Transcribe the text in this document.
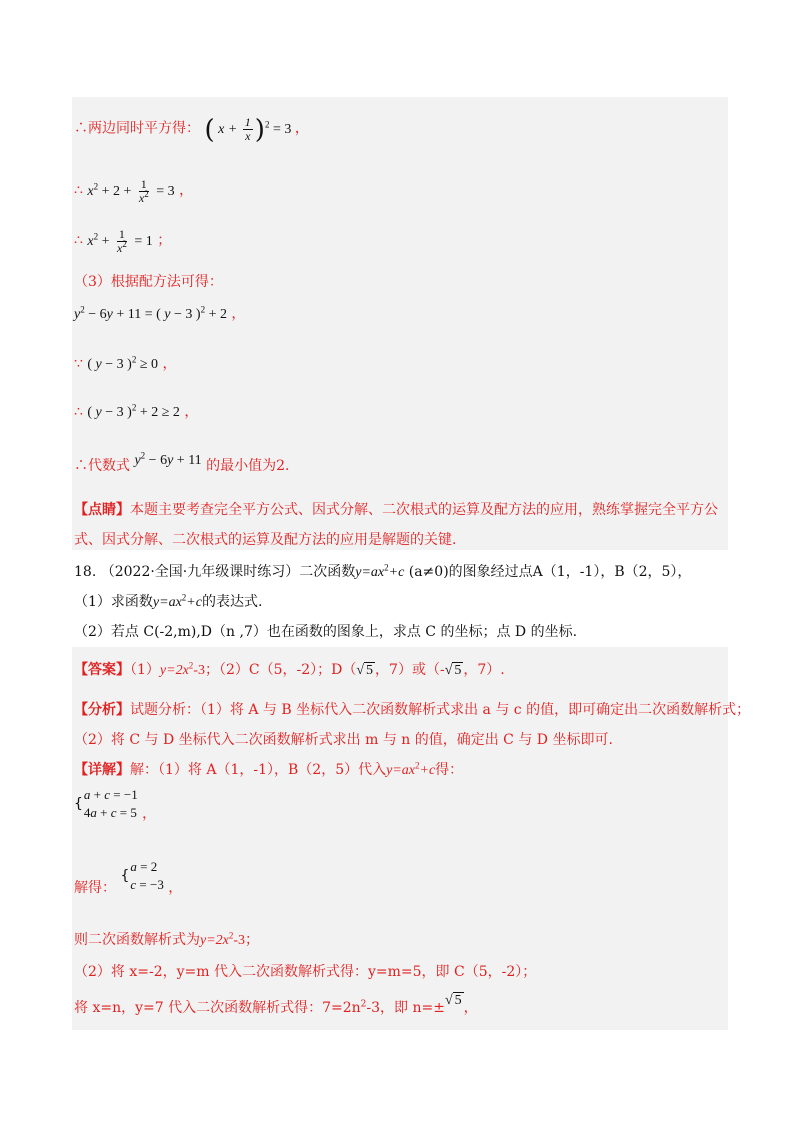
∴两边同时平方得： ( $x + \frac{1}{x} )^2 = 3$ ，
∴ $x^2 + 2 + \frac{1}{x^2} = 3$ ，
∴ $x^2 + \frac{1}{x^2} = 1$ ；
（3）根据配方法可得：
$y^2 - 6y + 11$ = ( y − 3 )$^2$ + 2 ，
∵ ( y − 3 )$^2$ ≥ 0 ，
∴ ( y − 3 )$^2$ + 2 ≥ 2 ，
∴代数式 $y^2 - 6y + 11$ 的最小值为2.
【点睛】本题主要考查完全平方公式、因式分解、二次根式的运算及配方法的应用，熟练掌握完全平方公
式、因式分解、二次根式的运算及配方法的应用是解题的关键.
18. （2022·全国·九年级课时练习）二次函数$y=ax^2+c$ (a≠0)的图象经过点A（1，-1），B（2，5），
（1）求函数$y=ax^2+c$的表达式.
（2）若点 C(-2,m),D（n ,7）也在函数的图象上，求点 C 的坐标；点 D 的坐标.
【答案】$(1)y=2x^2-3$；（2）C（5，-2）；D（√ 5 ，7）或（-√ 5 ，7）.
【分析】试题分析：（1）将 A 与 B 坐标代入二次函数解析式求出 a 与 c 的值，即可确定出二次函数解析式；
（2）将 C 与 D 坐标代入二次函数解析式求出 m 与 n 的值，确定出 C 与 D 坐标即可.
【详解】解：（1）将 A（1，-1），B（2，5）代入$y=ax^2+c$得：
{
a + c = −1
4a + c = 5 ，
解得：
{
a = 2
c = −3 ，
则二次函数解析式为$y=2x^2-3$；
（2）将 x=-2，y=m 代入二次函数解析式得：y=m=5，即 C（5，-2）；
将 x=n，y=7 代入二次函数解析式得：$7=2n^2-3$，即 n=±√ 5 ，
